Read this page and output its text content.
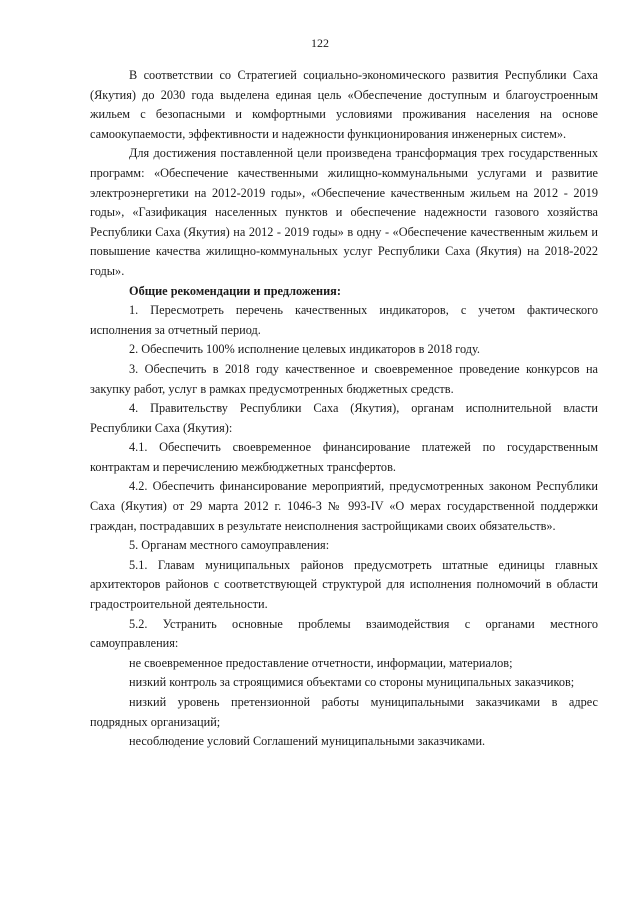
122

В соответствии со Стратегией социально-экономического развития Республики Саха (Якутия) до 2030 года выделена единая цель «Обеспечение доступным и благоустроенным жильем с безопасными и комфортными условиями проживания населения на основе самоокупаемости, эффективности и надежности функционирования инженерных систем».

Для достижения поставленной цели произведена трансформация трех государственных программ: «Обеспечение качественными жилищно-коммунальными услугами и развитие электроэнергетики на 2012-2019 годы», «Обеспечение качественным жильем на 2012 - 2019 годы», «Газификация населенных пунктов и обеспечение надежности газового хозяйства Республики Саха (Якутия) на 2012 - 2019 годы» в одну - «Обеспечение качественным жильем и повышение качества жилищно-коммунальных услуг Республики Саха (Якутия) на 2018-2022 годы».

Общие рекомендации и предложения:

1. Пересмотреть перечень качественных индикаторов, с учетом фактического исполнения за отчетный период.

2. Обеспечить 100% исполнение целевых индикаторов в 2018 году.

3. Обеспечить в 2018 году качественное и своевременное проведение конкурсов на закупку работ, услуг в рамках предусмотренных бюджетных средств.

4. Правительству Республики Саха (Якутия), органам исполнительной власти Республики Саха (Якутия):

4.1. Обеспечить своевременное финансирование платежей по государственным контрактам и перечислению межбюджетных трансфертов.

4.2. Обеспечить финансирование мероприятий, предусмотренных законом Республики Саха (Якутия) от 29 марта 2012 г. 1046-З № 993-IV «О мерах государственной поддержки граждан, пострадавших в результате неисполнения застройщиками своих обязательств».

5. Органам местного самоуправления:

5.1. Главам муниципальных районов предусмотреть штатные единицы главных архитекторов районов с соответствующей структурой для исполнения полномочий в области градостроительной деятельности.

5.2. Устранить основные проблемы взаимодействия с органами местного самоуправления:

не своевременное предоставление отчетности, информации, материалов;

низкий контроль за строящимися объектами со стороны муниципальных заказчиков;

низкий уровень претензионной работы муниципальными заказчиками в адрес подрядных организаций;

несоблюдение условий Соглашений муниципальными заказчиками.
